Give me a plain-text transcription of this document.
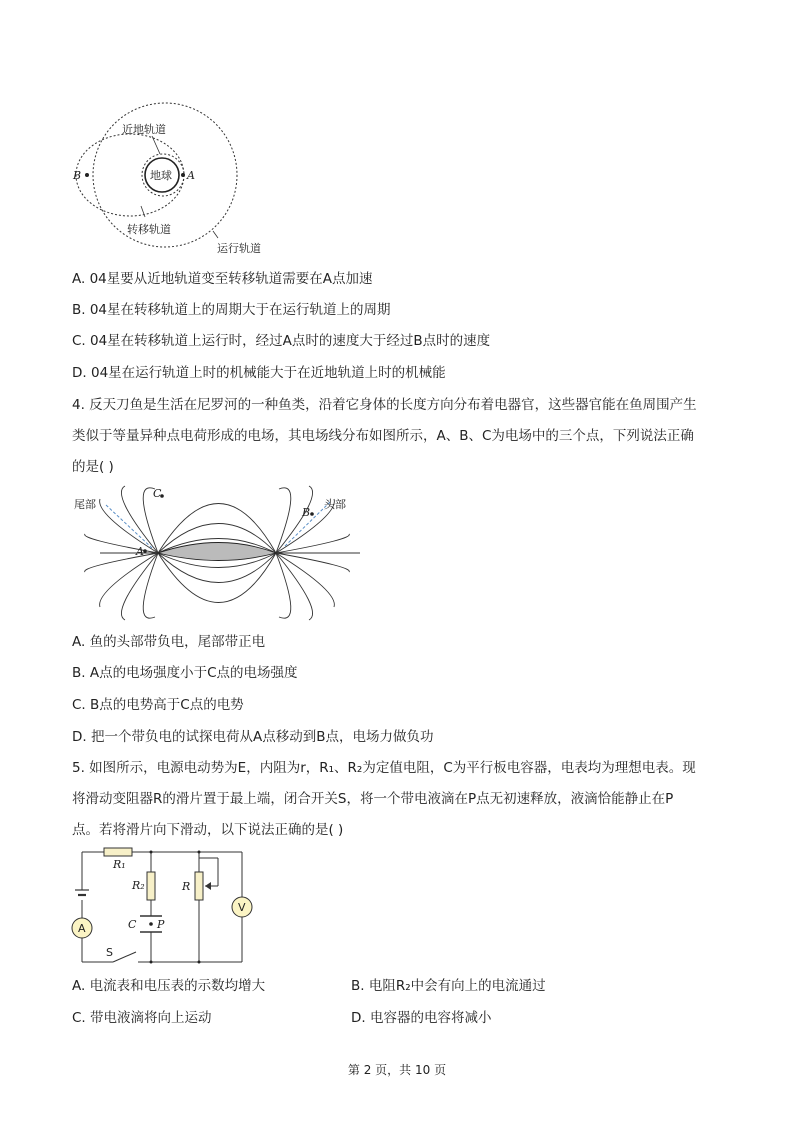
近地轨道
地球 A
B
转移轨道
运行轨道
A. 04星要从近地轨道变至转移轨道需要在A点加速
B. 04星在转移轨道上的周期大于在运行轨道上的周期
C. 04星在转移轨道上运行时，经过A点时的速度大于经过B点时的速度
D. 04星在运行轨道上时的机械能大于在近地轨道上时的机械能
4. 反天刀鱼是生活在尼罗河的一种鱼类，沿着它身体的长度方向分布着电器官，这些器官能在鱼周围产生
类似于等量异种点电荷形成的电场，其电场线分布如图所示，A、B、C为电场中的三个点，下列说法正确
的是( )
尾部	头部
A
B
C
A. 鱼的头部带负电，尾部带正电
B. A点的电场强度小于C点的电场强度
C. B点的电势高于C点的电势
D. 把一个带负电的试探电荷从A点移动到B点，电场力做负功
5. 如图所示，电源电动势为E，内阻为r，R₁、R₂为定值电阻，C为平行板电容器，电表均为理想电表。现
将滑动变阻器R的滑片置于最上端，闭合开关S，将一个带电液滴在P点无初速释放，液滴恰能静止在P
点。若将滑片向下滑动，以下说法正确的是( )
R₁
R₂	R
C P
V
A
S
A. 电流表和电压表的示数均增大	B. 电阻R₂中会有向上的电流通过
C. 带电液滴将向上运动	D. 电容器的电容将减小
第 2 页，共 10 页
